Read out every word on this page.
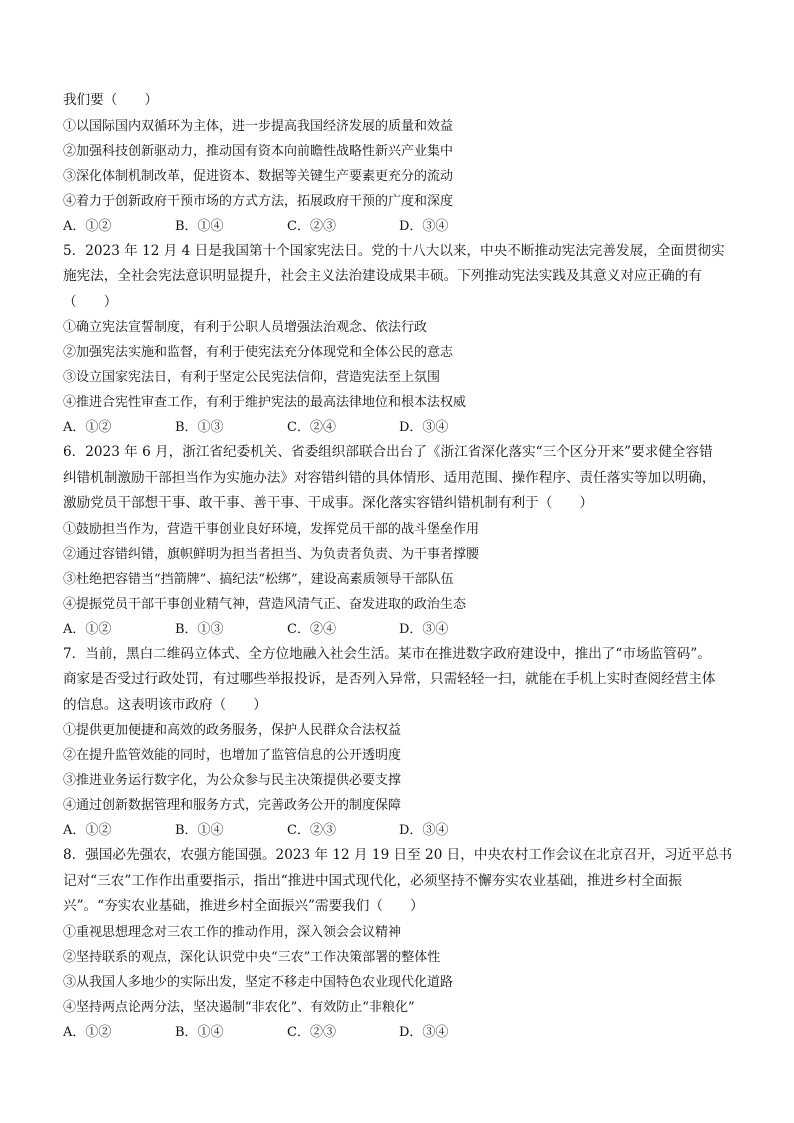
我们要（　　）
①以国际国内双循环为主体，进一步提高我国经济发展的质量和效益
②加强科技创新驱动力，推动国有资本向前瞻性战略性新兴产业集中
③深化体制机制改革，促进资本、数据等关键生产要素更充分的流动
④着力于创新政府干预市场的方式方法，拓展政府干预的广度和深度
A．①②	B．①④	C．②③	D．③④
5．2023 年 12 月 4 日是我国第十个国家宪法日。党的十八大以来，中央不断推动宪法完善发展，全面贯彻实
施宪法，全社会宪法意识明显提升，社会主义法治建设成果丰硕。下列推动宪法实践及其意义对应正确的有
（　　）
①确立宪法宣誓制度，有利于公职人员增强法治观念、依法行政
②加强宪法实施和监督，有利于使宪法充分体现党和全体公民的意志
③设立国家宪法日，有利于坚定公民宪法信仰，营造宪法至上氛围
④推进合宪性审查工作，有利于维护宪法的最高法律地位和根本法权威
A．①②	B．①③	C．②④	D．③④
6．2023 年 6 月，浙江省纪委机关、省委组织部联合出台了《浙江省深化落实“三个区分开来”要求健全容错
纠错机制激励干部担当作为实施办法》对容错纠错的具体情形、适用范围、操作程序、责任落实等加以明确，
激励党员干部想干事、敢干事、善干事、干成事。深化落实容错纠错机制有利于（　　）
①鼓励担当作为，营造干事创业良好环境，发挥党员干部的战斗堡垒作用
②通过容错纠错，旗帜鲜明为担当者担当、为负责者负责、为干事者撑腰
③杜绝把容错当“挡箭牌”、搞纪法“松绑”，建设高素质领导干部队伍
④提振党员干部干事创业精气神，营造风清气正、奋发进取的政治生态
A．①②	B．①③	C．②④	D．③④
7．当前，黑白二维码立体式、全方位地融入社会生活。某市在推进数字政府建设中，推出了“市场监管码”。
商家是否受过行政处罚，有过哪些举报投诉，是否列入异常，只需轻轻一扫，就能在手机上实时查阅经营主体
的信息。这表明该市政府（　　）
①提供更加便捷和高效的政务服务，保护人民群众合法权益
②在提升监管效能的同时，也增加了监管信息的公开透明度
③推进业务运行数字化，为公众参与民主决策提供必要支撑
④通过创新数据管理和服务方式，完善政务公开的制度保障
A．①②	B．①④	C．②③	D．③④
8．强国必先强农，农强方能国强。2023 年 12 月 19 日至 20 日，中央农村工作会议在北京召开，习近平总书
记对“三农”工作作出重要指示，指出“推进中国式现代化，必须坚持不懈夯实农业基础，推进乡村全面振
兴”。“夯实农业基础，推进乡村全面振兴”需要我们（　　）
①重视思想理念对三农工作的推动作用，深入领会会议精神
②坚持联系的观点，深化认识党中央“三农”工作决策部署的整体性
③从我国人多地少的实际出发，坚定不移走中国特色农业现代化道路
④坚持两点论两分法，坚决遏制“非农化”、有效防止“非粮化”
A．①②	B．①④	C．②③	D．③④
